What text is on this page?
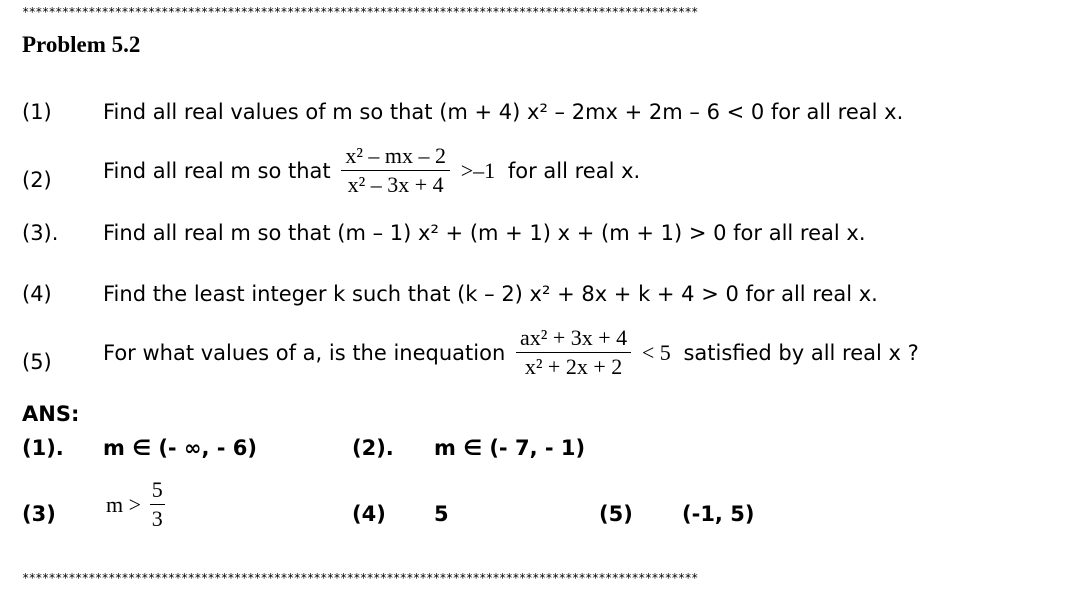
******************************************************************************************************
Problem 5.2
(1) Find all real values of m so that (m + 4) x² – 2mx + 2m – 6 < 0 for all real x.
(2) Find all real m so that $\frac{\text{x² – mx – 2}}{\text{x² – 3x + 4}} >-1$ for all real x.
(3). Find all real m so that (m – 1) x² + (m + 1) x + (m + 1) > 0 for all real x.
(4) Find the least integer k such that (k – 2) x² + 8x + k + 4 > 0 for all real x.
(5) For what values of a, is the inequation $\frac{\text{ax² + 3x + 4}}{\text{x² + 2x + 2}} < 5$ satisfied by all real x ?
ANS:
(1). m ∈ (- ∞, - 6)	(2). m ∈ (- 7, - 1)
(3) $m > \frac{5}{3}$	(4) 5	(5) (-1, 5)
******************************************************************************************************
